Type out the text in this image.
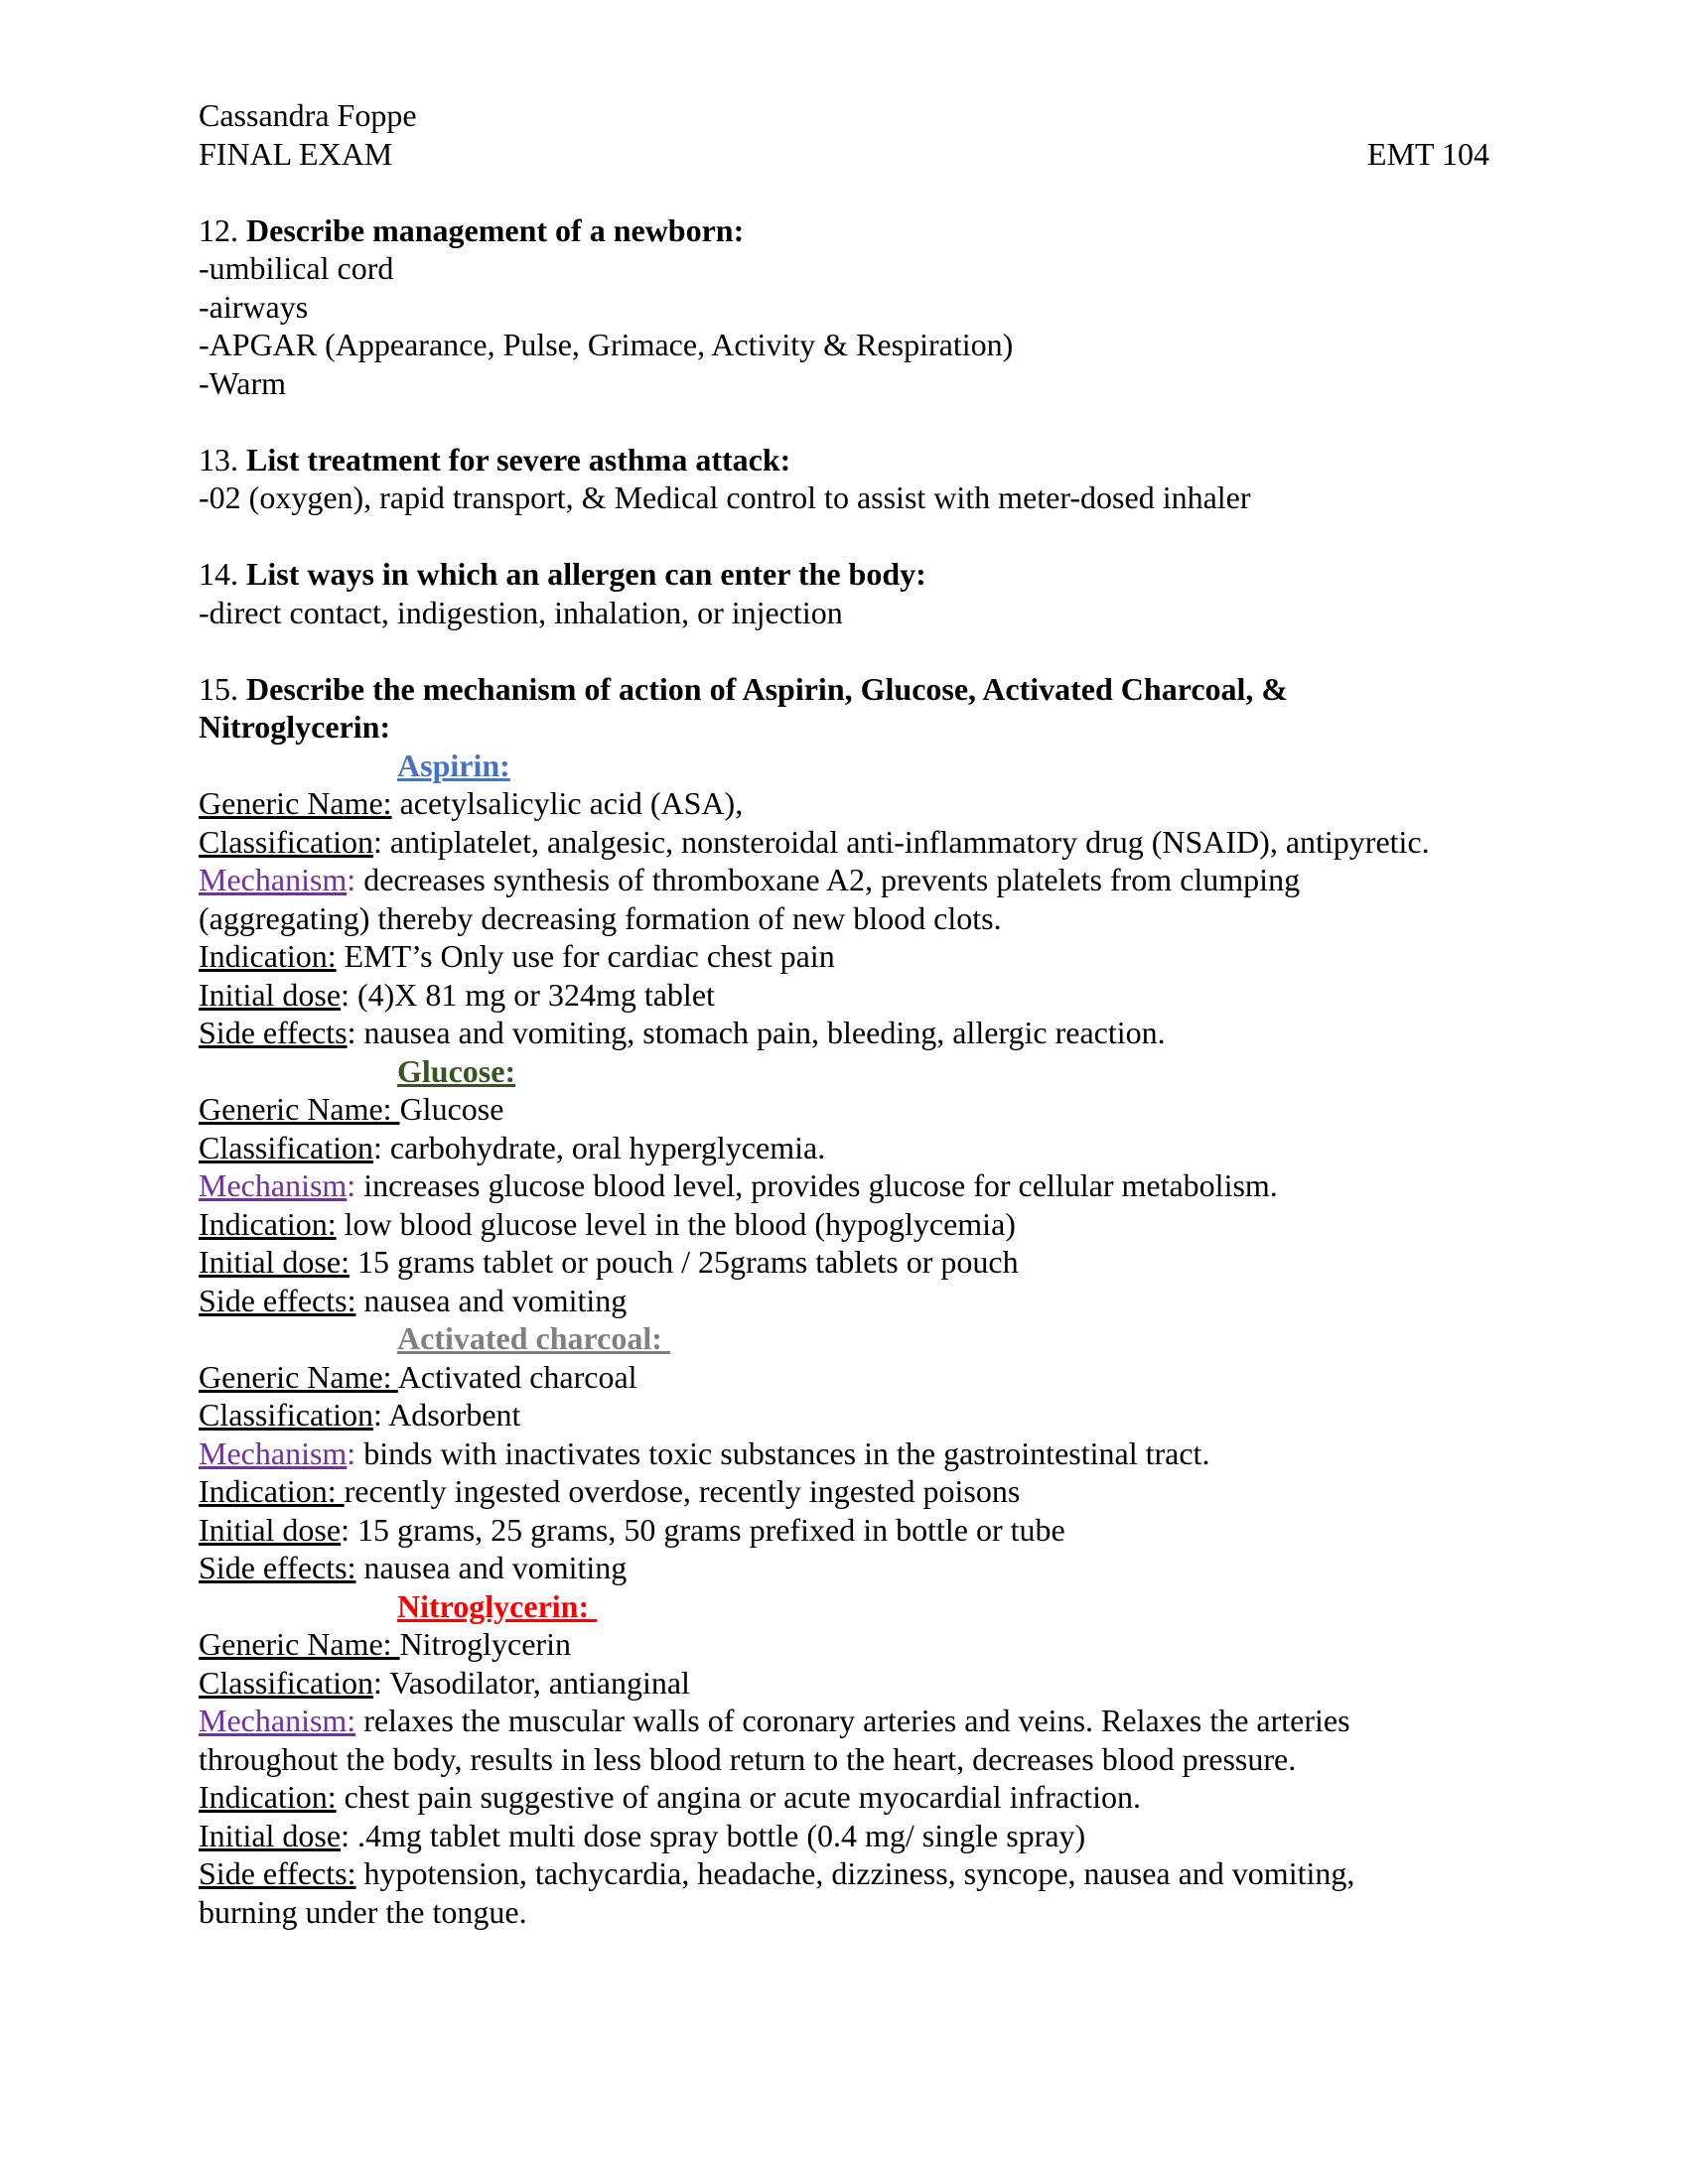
Cassandra Foppe
FINAL EXAM	EMT 104
12. Describe management of a newborn:
-umbilical cord
-airways
-APGAR (Appearance, Pulse, Grimace, Activity & Respiration)
-Warm
13. List treatment for severe asthma attack:
-02 (oxygen), rapid transport, & Medical control to assist with meter-dosed inhaler
14. List ways in which an allergen can enter the body:
-direct contact, indigestion, inhalation, or injection
15. Describe the mechanism of action of Aspirin, Glucose, Activated Charcoal, &
Nitroglycerin:
Aspirin:
Generic Name: acetylsalicylic acid (ASA),
Classification: antiplatelet, analgesic, nonsteroidal anti-inflammatory drug (NSAID), antipyretic.
Mechanism: decreases synthesis of thromboxane A2, prevents platelets from clumping
(aggregating) thereby decreasing formation of new blood clots.
Indication: EMT’s Only use for cardiac chest pain
Initial dose: (4)X 81 mg or 324mg tablet
Side effects: nausea and vomiting, stomach pain, bleeding, allergic reaction.
Glucose:
Generic Name: Glucose
Classification: carbohydrate, oral hyperglycemia.
Mechanism: increases glucose blood level, provides glucose for cellular metabolism.
Indication: low blood glucose level in the blood (hypoglycemia)
Initial dose: 15 grams tablet or pouch / 25grams tablets or pouch
Side effects: nausea and vomiting
Activated charcoal:
Generic Name: Activated charcoal
Classification: Adsorbent
Mechanism: binds with inactivates toxic substances in the gastrointestinal tract.
Indication: recently ingested overdose, recently ingested poisons
Initial dose: 15 grams, 25 grams, 50 grams prefixed in bottle or tube
Side effects: nausea and vomiting
Nitroglycerin:
Generic Name: Nitroglycerin
Classification: Vasodilator, antianginal
Mechanism: relaxes the muscular walls of coronary arteries and veins. Relaxes the arteries
throughout the body, results in less blood return to the heart, decreases blood pressure.
Indication: chest pain suggestive of angina or acute myocardial infraction.
Initial dose: .4mg tablet multi dose spray bottle (0.4 mg/ single spray)
Side effects: hypotension, tachycardia, headache, dizziness, syncope, nausea and vomiting,
burning under the tongue.
